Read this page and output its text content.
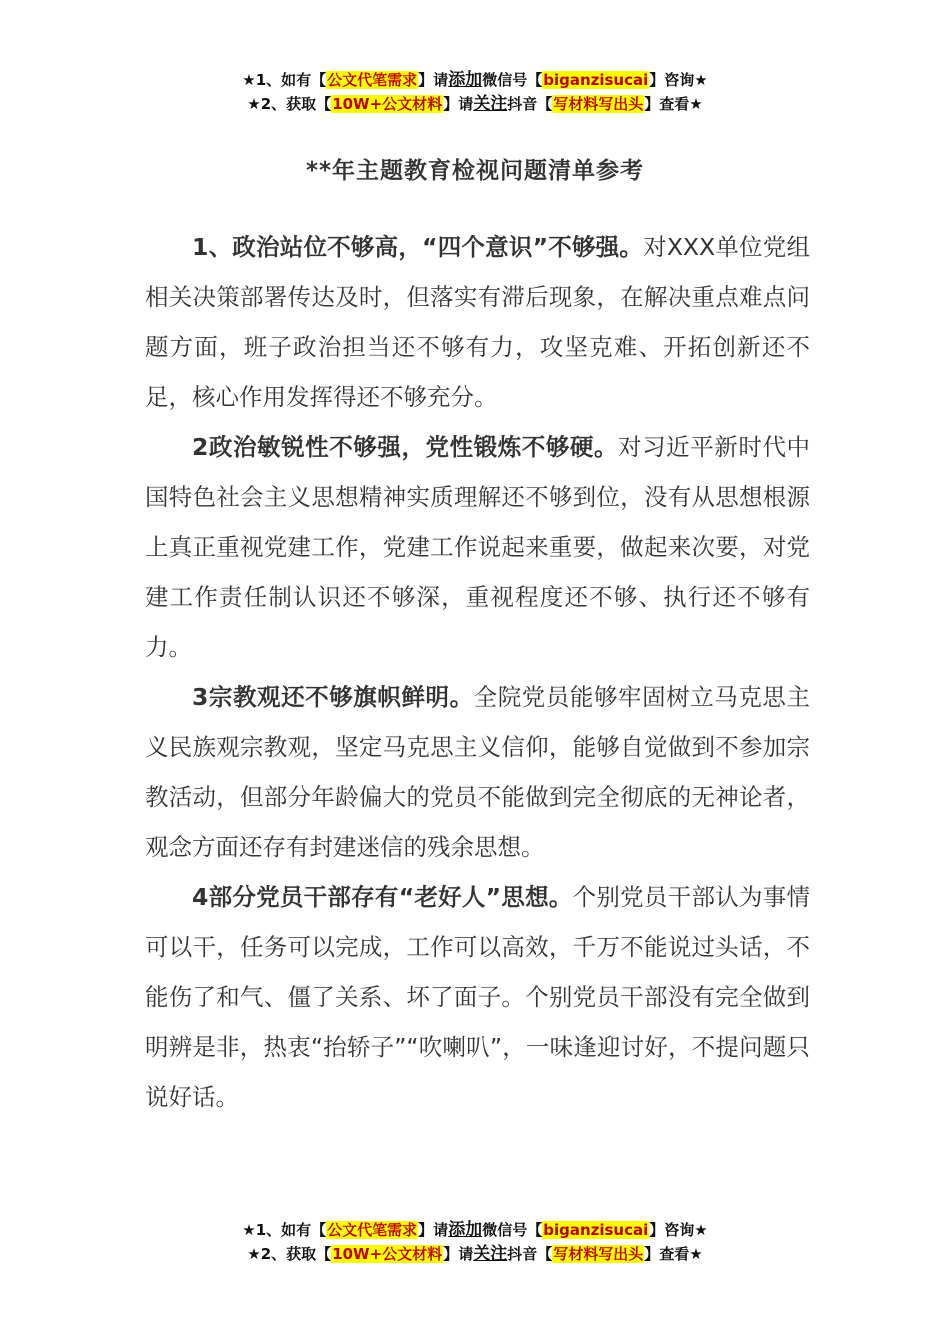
★1、如有【公文代笔需求】请添加微信号【biganzisucai】咨询★
★2、获取【10W+公文材料】请关注抖音【写材料写出头】查看★
**年主题教育检视问题清单参考

1、政治站位不够高，“四个意识”不够强。对XXX单位党组相关决策部署传达及时，但落实有滞后现象，在解决重点难点问题方面，班子政治担当还不够有力，攻坚克难、开拓创新还不足，核心作用发挥得还不够充分。

2政治敏锐性不够强，党性锻炼不够硬。对习近平新时代中国特色社会主义思想精神实质理解还不够到位，没有从思想根源上真正重视党建工作，党建工作说起来重要，做起来次要，对党建工作责任制认识还不够深，重视程度还不够、执行还不够有力。

3宗教观还不够旗帜鲜明。全院党员能够牢固树立马克思主义民族观宗教观，坚定马克思主义信仰，能够自觉做到不参加宗教活动，但部分年龄偏大的党员不能做到完全彻底的无神论者，观念方面还存有封建迷信的残余思想。

4部分党员干部存有“老好人”思想。个别党员干部认为事情可以干，任务可以完成，工作可以高效，千万不能说过头话，不能伤了和气、僵了关系、坏了面子。个别党员干部没有完全做到明辨是非，热衷“抬轿子”“吹喇叭”，一味逢迎讨好，不提问题只说好话。

★1、如有【公文代笔需求】请添加微信号【biganzisucai】咨询★
★2、获取【10W+公文材料】请关注抖音【写材料写出头】查看★
